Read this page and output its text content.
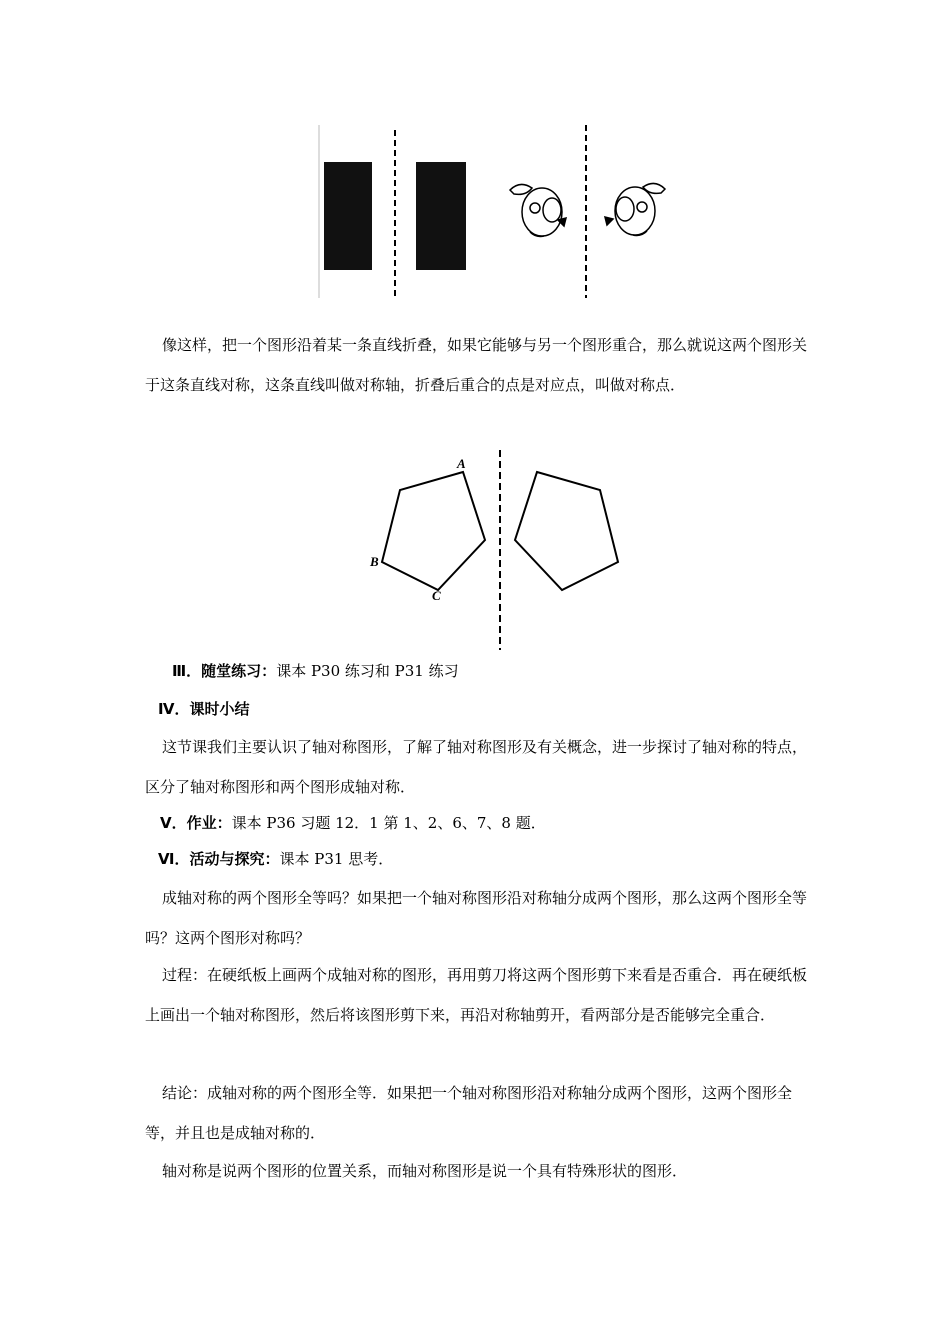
像这样，把一个图形沿着某一条直线折叠，如果它能够与另一个图形重合，那么就说这两个图形关于这条直线对称，这条直线叫做对称轴，折叠后重合的点是对应点，叫做对称点．

A
B
C

Ⅲ．随堂练习：课本 P30 练习和 P31 练习

Ⅳ．课时小结

这节课我们主要认识了轴对称图形，了解了轴对称图形及有关概念，进一步探讨了轴对称的特点，区分了轴对称图形和两个图形成轴对称．

Ⅴ．作业：课本 P36 习题 12．1 第 1、2、6、7、8 题．

Ⅵ．活动与探究：课本 P31 思考．

成轴对称的两个图形全等吗？如果把一个轴对称图形沿对称轴分成两个图形，那么这两个图形全等吗？这两个图形对称吗？

过程：在硬纸板上画两个成轴对称的图形，再用剪刀将这两个图形剪下来看是否重合．再在硬纸板上画出一个轴对称图形，然后将该图形剪下来，再沿对称轴剪开，看两部分是否能够完全重合．

结论：成轴对称的两个图形全等．如果把一个轴对称图形沿对称轴分成两个图形，这两个图形全等，并且也是成轴对称的．

轴对称是说两个图形的位置关系，而轴对称图形是说一个具有特殊形状的图形．
